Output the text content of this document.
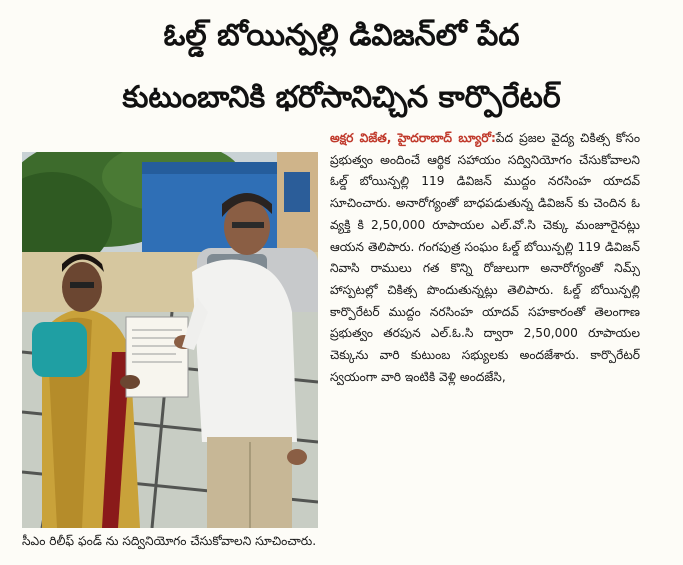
ఓల్డ్ బోయిన్పల్లి డివిజన్‌లో పేద
కుటుంబానికి భరోసానిచ్చిన కార్పొరేటర్
అక్షర విజేత, హైదరాబాద్ బ్యూరో:పేద ప్రజల వైద్య చికిత్స కోసం ప్రభుత్వం అందించే ఆర్థిక సహాయం సద్వినియోగం చేసుకోవాలని ఓల్డ్ బోయిన్పల్లి 119 డివిజన్ ముద్దం నరసింహ యాదవ్ సూచించారు. అనారోగ్యంతో బాధపడుతున్న డివిజన్ కు చెందిన ఓ వ్యక్తి కి 2,50,000 రూపాయల ఎల్.వో.సి చెక్కు మంజూరైనట్లు ఆయన తెలిపారు. గంగపుత్ర సంఘం ఓల్డ్ బోయిన్పల్లి 119 డివిజన్ నివాసి రాములు గత కొన్ని రోజులుగా అనారోగ్యంతో నిమ్స్ హాస్పటల్లో చికిత్స పొందుతున్నట్లు తెలిపారు. ఓల్డ్ బోయిన్పల్లి కార్పొరేటర్ ముద్దం నరసింహ యాదవ్ సహకారంతో తెలంగాణ ప్రభుత్వం తరపున ఎల్.ఓ.సి ద్వారా 2,50,000 రూపాయల చెక్కును వారి కుటుంబ సభ్యులకు అందజేశారు. కార్పొరేటర్ స్వయంగా వారి ఇంటికి వెళ్లి అందజేసి,
సీఎం రిలీఫ్ ఫండ్ ను సద్వినియోగం చేసుకోవాలని సూచించారు.
